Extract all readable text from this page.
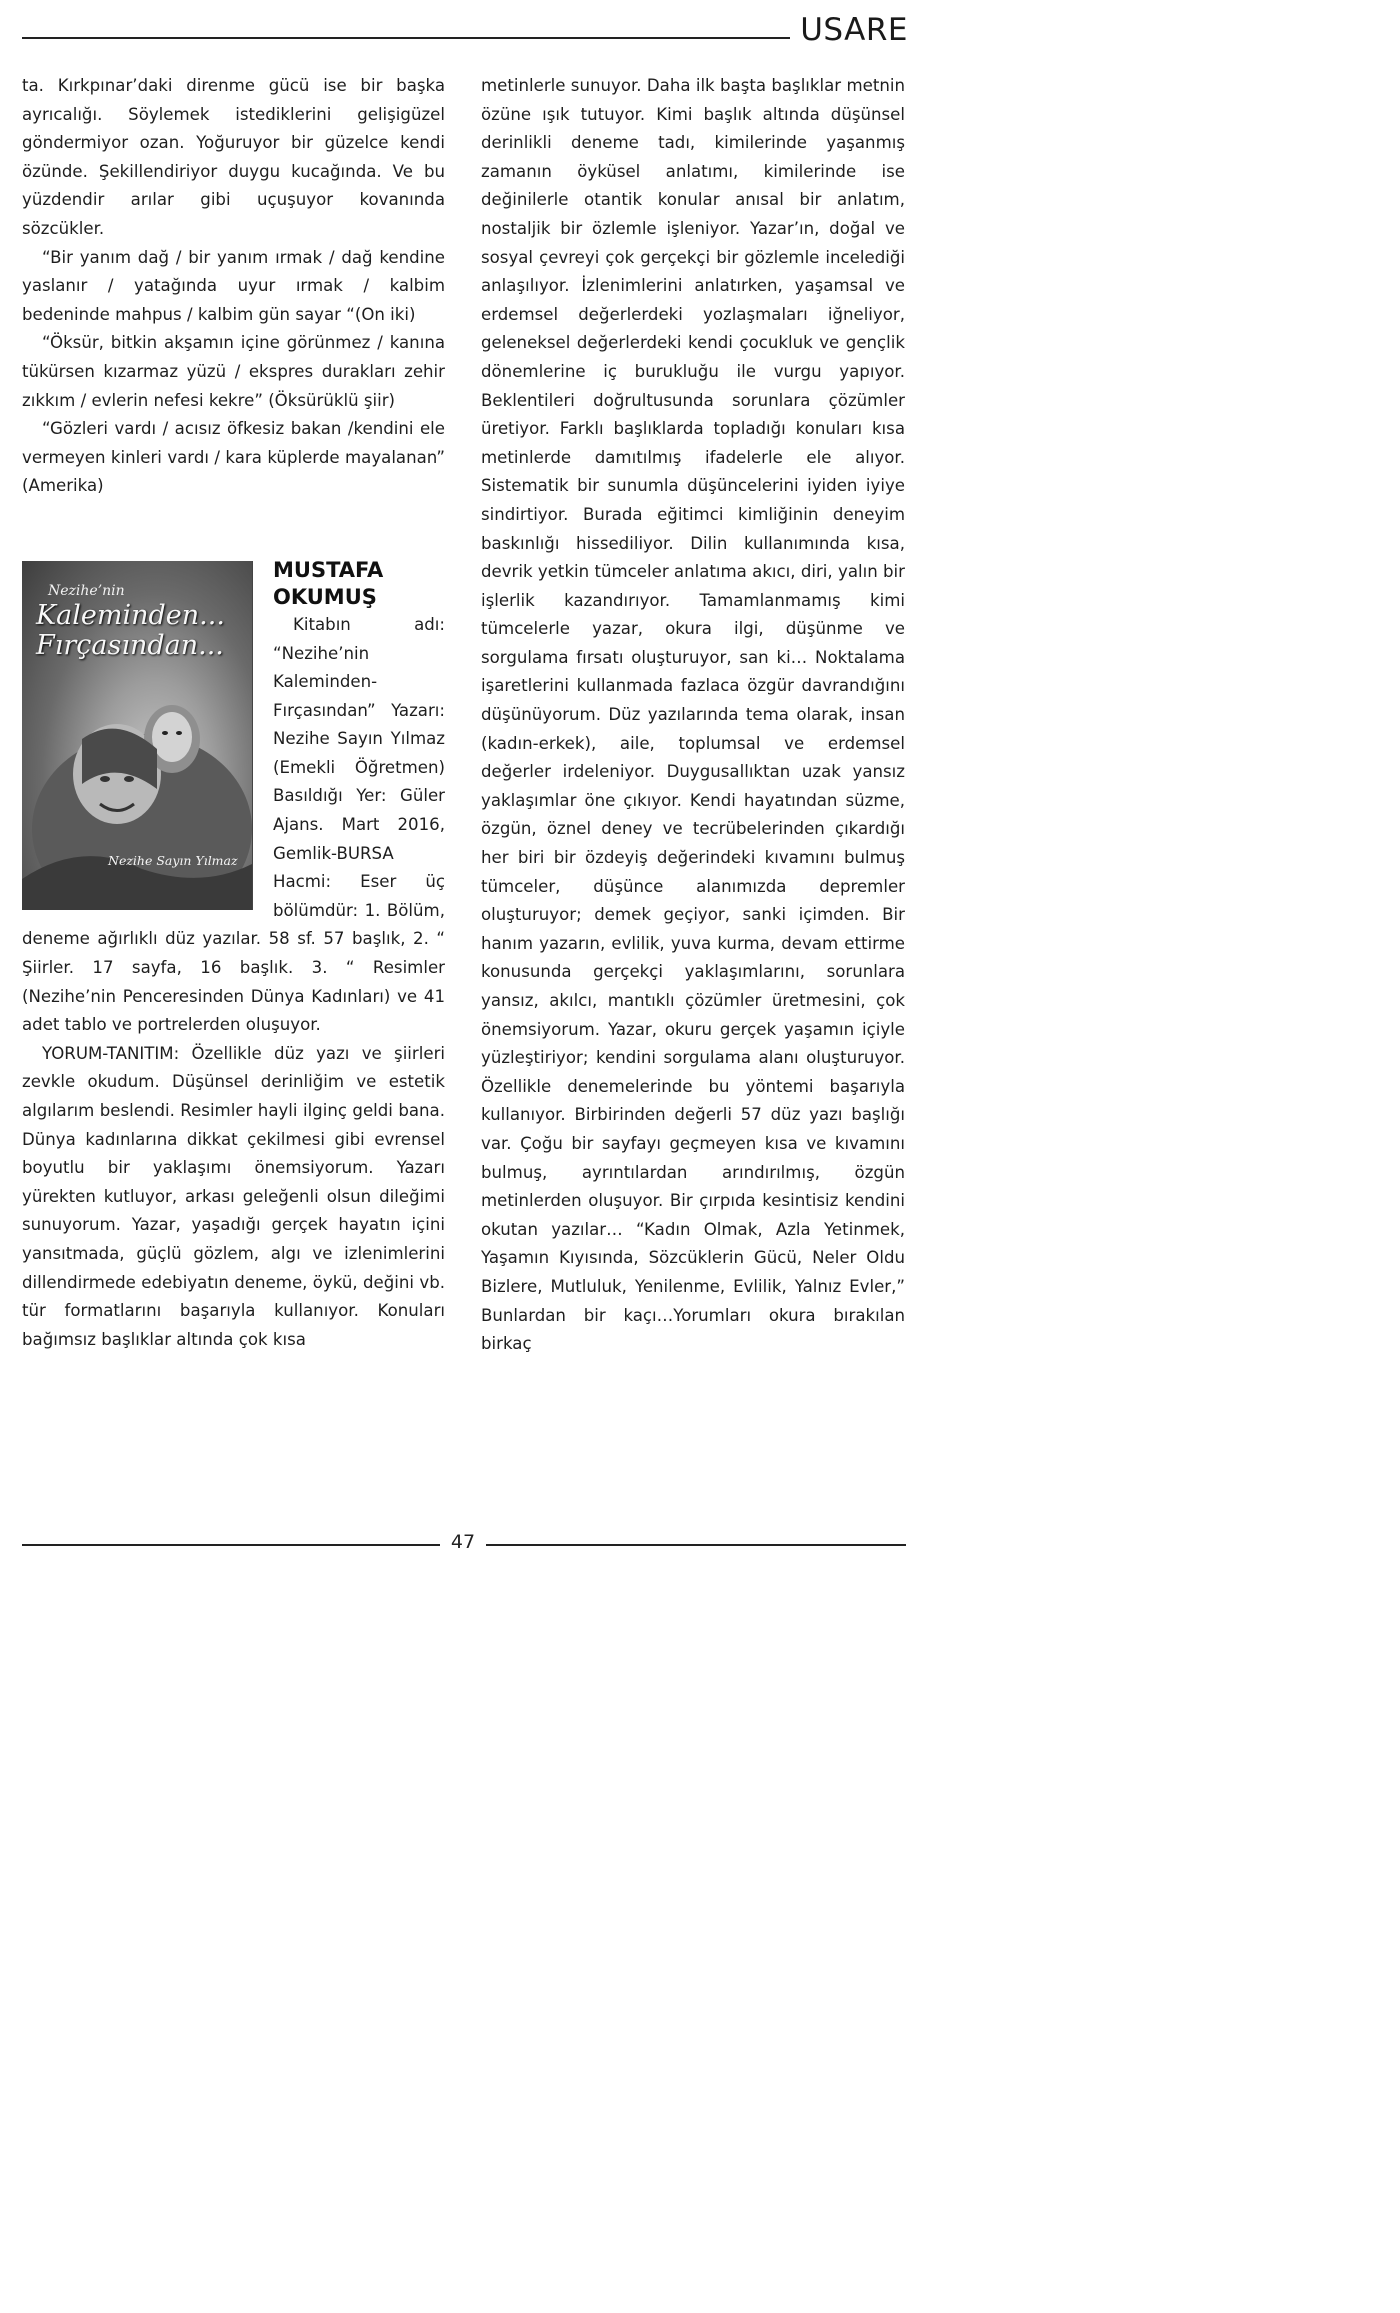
USARE

ta. Kırkpınar’daki direnme gücü ise bir başka ayrıcalığı. Söylemek istediklerini gelişigüzel göndermiyor ozan. Yoğuruyor bir güzelce kendi özünde. Şekillendiriyor duygu kucağında. Ve bu yüzdendir arılar gibi uçuşuyor kovanında sözcükler.

“Bir yanım dağ / bir yanım ırmak / dağ kendine yaslanır / yatağında uyur ırmak / kalbim bedeninde mahpus / kalbim gün sayar “(On iki)

“Öksür, bitkin akşamın içine görünmez / kanına tükürsen kızarmaz yüzü / ekspres durakları zehir zıkkım / evlerin nefesi kekre” (Öksürüklü şiir)

“Gözleri vardı / acısız öfkesiz bakan /kendini ele vermeyen kinleri vardı / kara küplerde mayalanan” (Amerika)

Nezihe’nin
Kaleminden...
Fırçasından...
Nezihe Sayın Yılmaz
MUSTAFA
OKUMUŞ

Kitabın adı: “Nezihe’nin Kaleminden-Fırçasından” Yazarı: Nezihe Sayın Yılmaz (Emekli Öğretmen) Basıldığı Yer: Güler Ajans. Mart 2016, Gemlik-BURSA Hacmi: Eser üç bölümdür: 1. Bölüm, deneme ağırlıklı düz yazılar. 58 sf. 57 başlık, 2. “ Şiirler. 17 sayfa, 16 başlık. 3. “ Resimler (Nezihe’nin Penceresinden Dünya Kadınları) ve 41 adet tablo ve portrelerden oluşuyor.

YORUM-TANITIM: Özellikle düz yazı ve şiirleri zevkle okudum. Düşünsel derinliğim ve estetik algılarım beslendi. Resimler hayli ilginç geldi bana. Dünya kadınlarına dikkat çekilmesi gibi evrensel boyutlu bir yaklaşımı önemsiyorum. Yazarı yürekten kutluyor, arkası geleğenli olsun dileğimi sunuyorum. Yazar, yaşadığı gerçek hayatın içini yansıtmada, güçlü gözlem, algı ve izlenimlerini dillendirmede edebiyatın deneme, öykü, değini vb. tür formatlarını başarıyla kullanıyor. Konuları bağımsız başlıklar altında çok kısa

metinlerle sunuyor. Daha ilk başta başlıklar metnin özüne ışık tutuyor. Kimi başlık altında düşünsel derinlikli deneme tadı, kimilerinde yaşanmış zamanın öyküsel anlatımı, kimilerinde ise değinilerle otantik konular anısal bir anlatım, nostaljik bir özlemle işleniyor. Yazar’ın, doğal ve sosyal çevreyi çok gerçekçi bir gözlemle incelediği anlaşılıyor. İzlenimlerini anlatırken, yaşamsal ve erdemsel değerlerdeki yozlaşmaları iğneliyor, geleneksel değerlerdeki kendi çocukluk ve gençlik dönemlerine iç burukluğu ile vurgu yapıyor. Beklentileri doğrultusunda sorunlara çözümler üretiyor. Farklı başlıklarda topladığı konuları kısa metinlerde damıtılmış ifadelerle ele alıyor. Sistematik bir sunumla düşüncelerini iyiden iyiye sindirtiyor. Burada eğitimci kimliğinin deneyim baskınlığı hissediliyor. Dilin kullanımında kısa, devrik yetkin tümceler anlatıma akıcı, diri, yalın bir işlerlik kazandırıyor. Tamamlanmamış kimi tümcelerle yazar, okura ilgi, düşünme ve sorgulama fırsatı oluşturuyor, san ki… Noktalama işaretlerini kullanmada fazlaca özgür davrandığını düşünüyorum. Düz yazılarında tema olarak, insan (kadın-erkek), aile, toplumsal ve erdemsel değerler irdeleniyor. Duygusallıktan uzak yansız yaklaşımlar öne çıkıyor. Kendi hayatından süzme, özgün, öznel deney ve tecrübelerinden çıkardığı her biri bir özdeyiş değerindeki kıvamını bulmuş tümceler, düşünce alanımızda depremler oluşturuyor; demek geçiyor, sanki içimden. Bir hanım yazarın, evlilik, yuva kurma, devam ettirme konusunda gerçekçi yaklaşımlarını, sorunlara yansız, akılcı, mantıklı çözümler üretmesini, çok önemsiyorum. Yazar, okuru gerçek yaşamın içiyle yüzleştiriyor; kendini sorgulama alanı oluşturuyor. Özellikle denemelerinde bu yöntemi başarıyla kullanıyor. Birbirinden değerli 57 düz yazı başlığı var. Çoğu bir sayfayı geçmeyen kısa ve kıvamını bulmuş, ayrıntılardan arındırılmış, özgün metinlerden oluşuyor. Bir çırpıda kesintisiz kendini okutan yazılar… “Kadın Olmak, Azla Yetinmek, Yaşamın Kıyısında, Sözcüklerin Gücü, Neler Oldu Bizlere, Mutluluk, Yenilenme, Evlilik, Yalnız Evler,” Bunlardan bir kaçı…Yorumları okura bırakılan birkaç

47
